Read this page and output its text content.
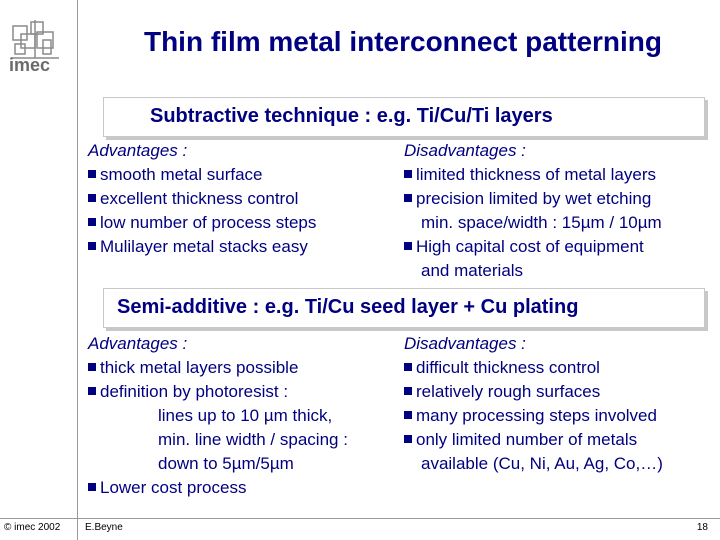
imec
Thin film metal interconnect patterning
Subtractive technique : e.g. Ti/Cu/Ti layers
Advantages :
smooth metal surface
excellent thickness control
low number of process steps
Mulilayer metal stacks easy
Disadvantages :
limited thickness of metal layers
precision limited by wet etching
min. space/width : 15µm / 10µm
High capital cost of equipment
and materials
Semi-additive : e.g. Ti/Cu seed layer + Cu plating
Advantages :
thick metal layers possible
definition by photoresist :
lines up to 10 µm thick,
min. line width / spacing :
down to 5µm/5µm
Lower cost process
Disadvantages :
difficult thickness control
relatively rough surfaces
many processing steps involved
only limited number of metals
available (Cu, Ni, Au, Ag, Co,…)
© imec 2002 E.Beyne	18
